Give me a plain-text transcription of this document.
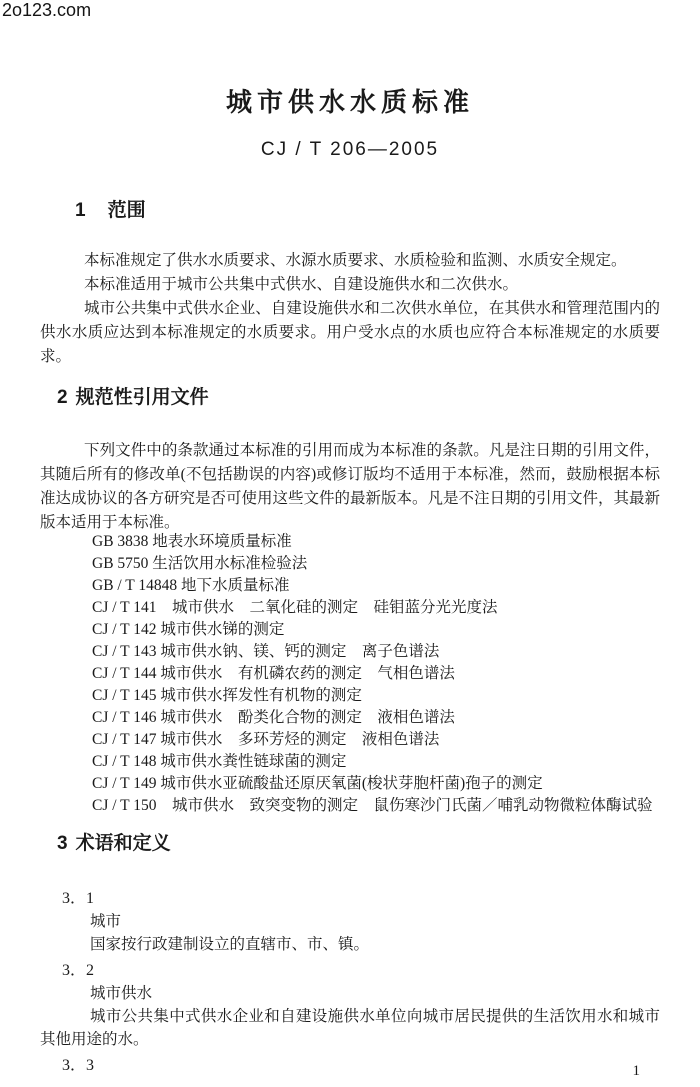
2o123.com
城市供水水质标准
CJ / T 206—2005
1 范围

本标准规定了供水水质要求、水源水质要求、水质检验和监测、水质安全规定。

本标准适用于城市公共集中式供水、自建设施供水和二次供水。

城市公共集中式供水企业、自建设施供水和二次供水单位，在其供水和管理范围内的供水水质应达到本标准规定的水质要求。用户受水点的水质也应符合本标准规定的水质要求。

2 规范性引用文件

下列文件中的条款通过本标准的引用而成为本标准的条款。凡是注日期的引用文件，其随后所有的修改单(不包括勘误的内容)或修订版均不适用于本标准，然而，鼓励根据本标准达成协议的各方研究是否可使用这些文件的最新版本。凡是不注日期的引用文件，其最新版本适用于本标准。

GB 3838 地表水环境质量标准
GB 5750 生活饮用水标准检验法
GB / T 14848 地下水质量标准
CJ / T 141　城市供水　二氧化硅的测定　硅钼蓝分光光度法
CJ / T 142 城市供水锑的测定
CJ / T 143 城市供水钠、镁、钙的测定　离子色谱法
CJ / T 144 城市供水　有机磷农药的测定　气相色谱法
CJ / T 145 城市供水挥发性有机物的测定
CJ / T 146 城市供水　酚类化合物的测定　液相色谱法
CJ / T 147 城市供水　多环芳烃的测定　液相色谱法
CJ / T 148 城市供水粪性链球菌的测定
CJ / T 149 城市供水亚硫酸盐还原厌氧菌(梭状芽胞杆菌)孢子的测定
CJ / T 150　城市供水　致突变物的测定　鼠伤寒沙门氏菌／哺乳动物微粒体酶试验
3 术语和定义
3．1
城市
国家按行政建制设立的直辖市、市、镇。
3．2
城市供水
城市公共集中式供水企业和自建设施供水单位向城市居民提供的生活饮用水和城市其他用途的水。
3．3	1
